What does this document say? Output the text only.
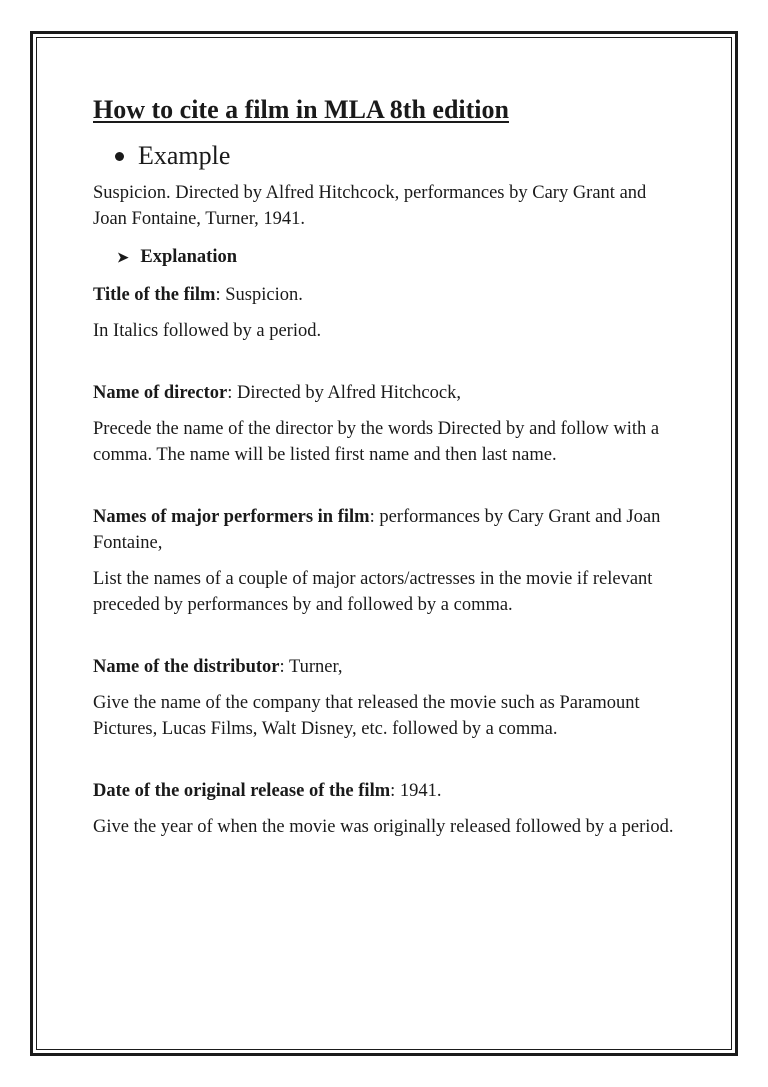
How to cite a film in MLA 8th edition
Example

Suspicion. Directed by Alfred Hitchcock, performances by Cary Grant and Joan Fontaine, Turner, 1941.

➤ Explanation

Title of the film: Suspicion.

In Italics followed by a period.

Name of director: Directed by Alfred Hitchcock,

Precede the name of the director by the words Directed by and follow with a comma. The name will be listed first name and then last name.

Names of major performers in film: performances by Cary Grant and Joan Fontaine,

List the names of a couple of major actors/actresses in the movie if relevant preceded by performances by and followed by a comma.

Name of the distributor: Turner,

Give the name of the company that released the movie such as Paramount Pictures, Lucas Films, Walt Disney, etc. followed by a comma.

Date of the original release of the film: 1941.

Give the year of when the movie was originally released followed by a period.
